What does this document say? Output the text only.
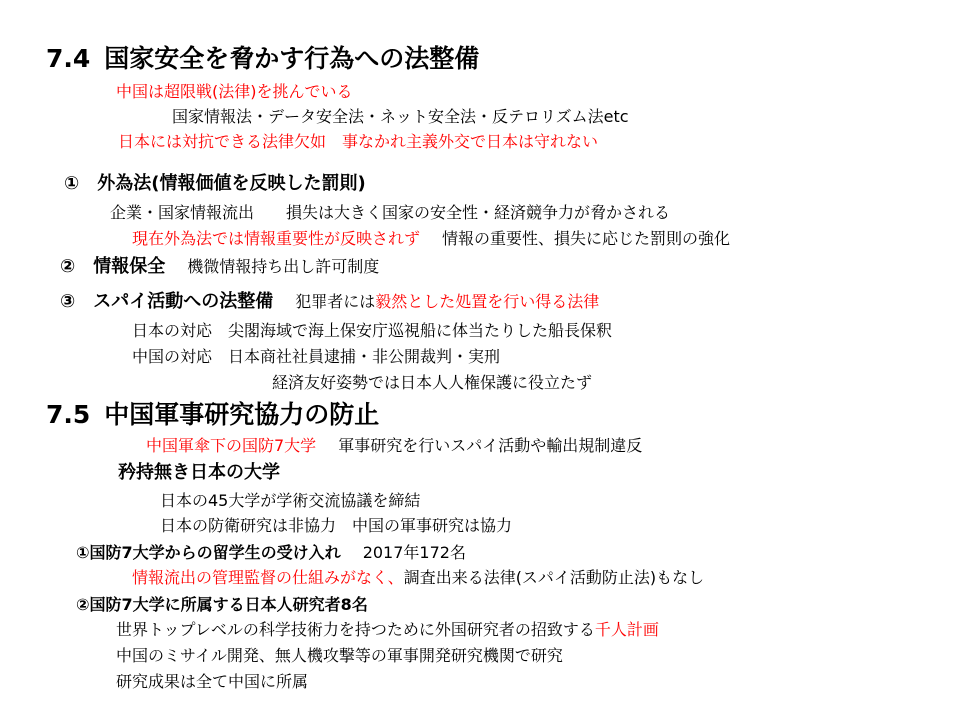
7.4 国家安全を脅かす行為への法整備
中国は超限戦(法律)を挑んでいる
国家情報法・データ安全法・ネット安全法・反テロリズム法etc
日本には対抗できる法律欠如　事なかれ主義外交で日本は守れない
①　外為法(情報価値を反映した罰則)
企業・国家情報流出　　損失は大きく国家の安全性・経済競争力が脅かされる
現在外為法では情報重要性が反映されず 情報の重要性、損失に応じた罰則の強化
②　情報保全 機微情報持ち出し許可制度
③　スパイ活動への法整備 犯罪者には毅然とした処置を行い得る法律
日本の対応　尖閣海域で海上保安庁巡視船に体当たりした船長保釈
中国の対応　日本商社社員逮捕・非公開裁判・実刑
経済友好姿勢では日本人人権保護に役立たず
7.5 中国軍事研究協力の防止
中国軍傘下の国防7大学 軍事研究を行いスパイ活動や輸出規制違反
矜持無き日本の大学
日本の45大学が学術交流協議を締結
日本の防衛研究は非協力　中国の軍事研究は協力
①国防7大学からの留学生の受け入れ 2017年172名
情報流出の管理監督の仕組みがなく、調査出来る法律(スパイ活動防止法)もなし
②国防7大学に所属する日本人研究者8名
世界トップレベルの科学技術力を持つために外国研究者の招致する千人計画
中国のミサイル開発、無人機攻撃等の軍事開発研究機関で研究
研究成果は全て中国に所属
